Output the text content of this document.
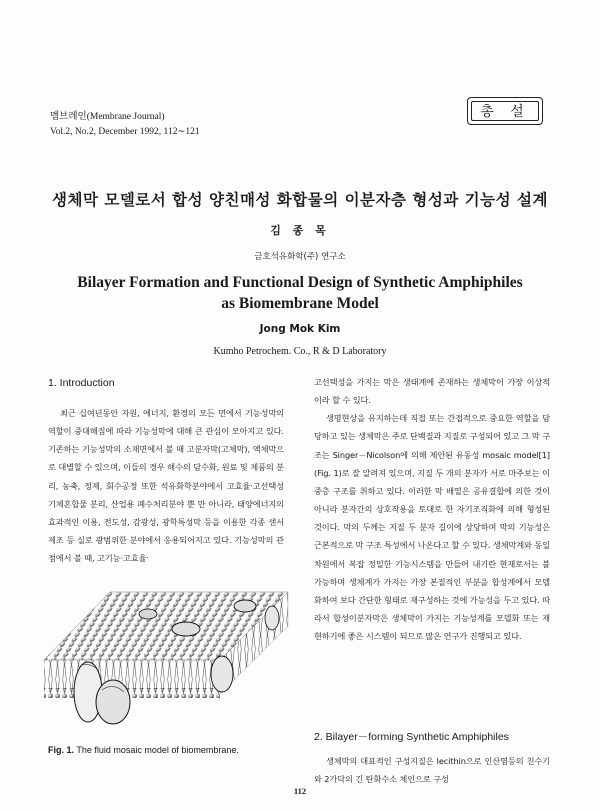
멤브레인(Membrane Journal)
Vol.2, No.2, December 1992, 112∼121
총 설
생체막 모델로서 합성 양친매성 화합물의 이분자층 형성과 기능성 설계
김 종 목
금호석유화학(주) 연구소
Bilayer Formation and Functional Design of Synthetic Amphiphiles
as Biomembrane Model
Jong Mok Kim
Kumho Petrochem. Co., R & D Laboratory
1. Introduction

최근 십여년동안 자원, 에너지, 환경의 모든 면에서 기능성막의 역할이 중대해짐에 따라 기능성막에 대해 큰 관심이 모아지고 있다. 기존하는 기능성막의 소재면에서 볼 때 고분자막(고체막), 액체막으로 대별할 수 있으며, 이들의 경우 해수의 담수화, 원료 및 제품의 분리, 농축, 정제, 회수공정 또한 석유화학분야에서 고효율·고선택성 기체혼합물 분리, 산업용 폐수처리분야 뿐 만 아니라, 태양에너지의 효과적인 이용, 전도성, 감광성, 광학특성막 등을 이용한 각종 센서제조 등 실로 광범위한 분야에서 응용되어지고 있다. 기능성막의 관점에서 볼 때, 고기능·고효율·

Fig. 1. The fluid mosaic model of biomembrane.

고선택성을 가지는 막은 생태계에 존재하는 생체막이 가장 이상적이라 할 수 있다.

생명현상을 유지하는데 직접 또는 간접적으로 중요한 역할을 담당하고 있는 생체막은 주로 단백질과 지질로 구성되어 있고 그 막 구조는 Singer－Nicolson에 의해 제안된 유동성 mosaic model[1](Fig. 1)로 잘 알려져 있으며, 지질 두 개의 분자가 서로 마주보는 이중층 구조를 취하고 있다. 이러한 막 배열은 공유결합에 의한 것이 아니라 분자간의 상호작용을 토대로 한 자기조직화에 의해 형성된 것이다. 막의 두께는 지질 두 분자 길이에 상당하며 막의 기능성은 근본적으로 막 구조 특성에서 나온다고 할 수 있다. 생체막계와 동일차원에서 복잡 정밀한 기능시스템을 만들어 내기란 현재로서는 불가능하며 생체계가 가지는 가장 본질적인 부분을 합성계에서 모델화하여 보다 간단한 형태로 재구성하는 것에 가능성을 두고 있다. 따라서 합성이분자막은 생체막이 가지는 기능성계를 모델화 또는 재현하기에 좋은 시스템이 되므로 많은 연구가 진행되고 있다.

2. Bilayer－forming Synthetic Amphiphiles

생체막의 대표적인 구성지질은 lecithin으로 인산염등의 친수기와 2가닥의 긴 탄화수소 체인으로 구성

112
